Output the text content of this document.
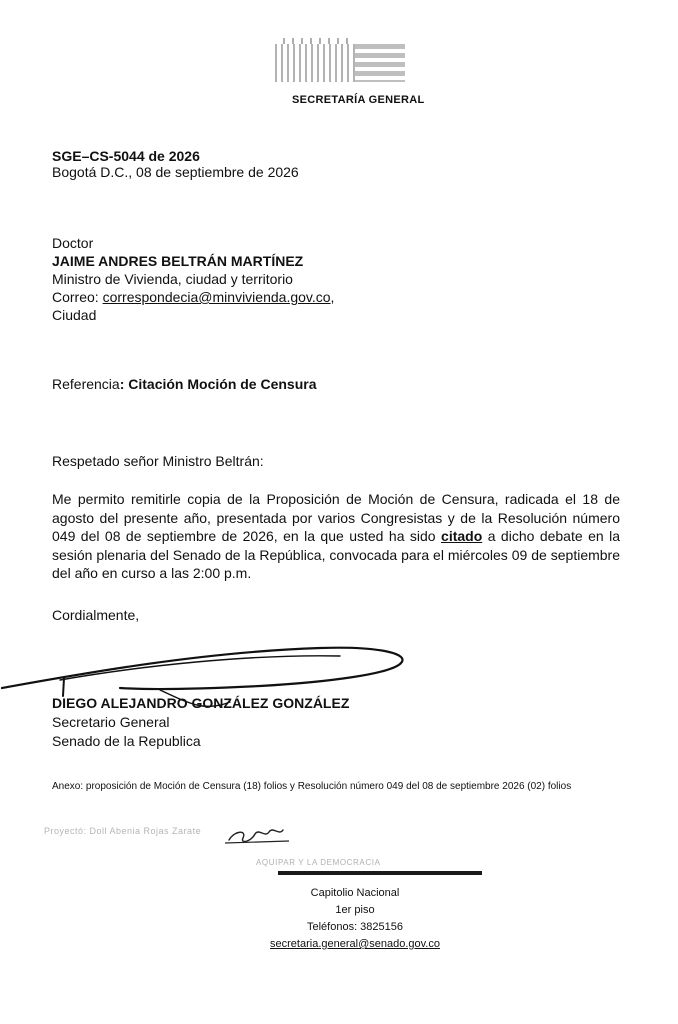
SECRETARÍA GENERAL
SGE–CS-5044 de 2026
Bogotá D.C., 08 de septiembre de 2026
Doctor
JAIME ANDRES BELTRÁN MARTÍNEZ
Ministro de Vivienda, ciudad y territorio
Correo: correspondecia@minvivienda.gov.co,
Ciudad
Referencia: Citación Moción de Censura
Respetado señor Ministro Beltrán:
Me permito remitirle copia de la Proposición de Moción de Censura, radicada el 18 de agosto del presente año, presentada por varios Congresistas y de la Resolución número 049 del 08 de septiembre de 2026, en la que usted ha sido citado a dicho debate en la sesión plenaria del Senado de la República, convocada para el miércoles 09 de septiembre del año en curso a las 2:00 p.m.
Cordialmente,
DIEGO ALEJANDRO GONZÁLEZ GONZÁLEZ
Secretario General
Senado de la Republica
Anexo: proposición de Moción de Censura (18) folios y Resolución número 049 del 08 de septiembre 2026 (02) folios
Proyectó: Doll Abenia Rojas Zarate
AQUIPAR Y LA DEMOCRACIA
Capitolio Nacional
1er piso
Teléfonos: 3825156
secretaria.general@senado.gov.co
